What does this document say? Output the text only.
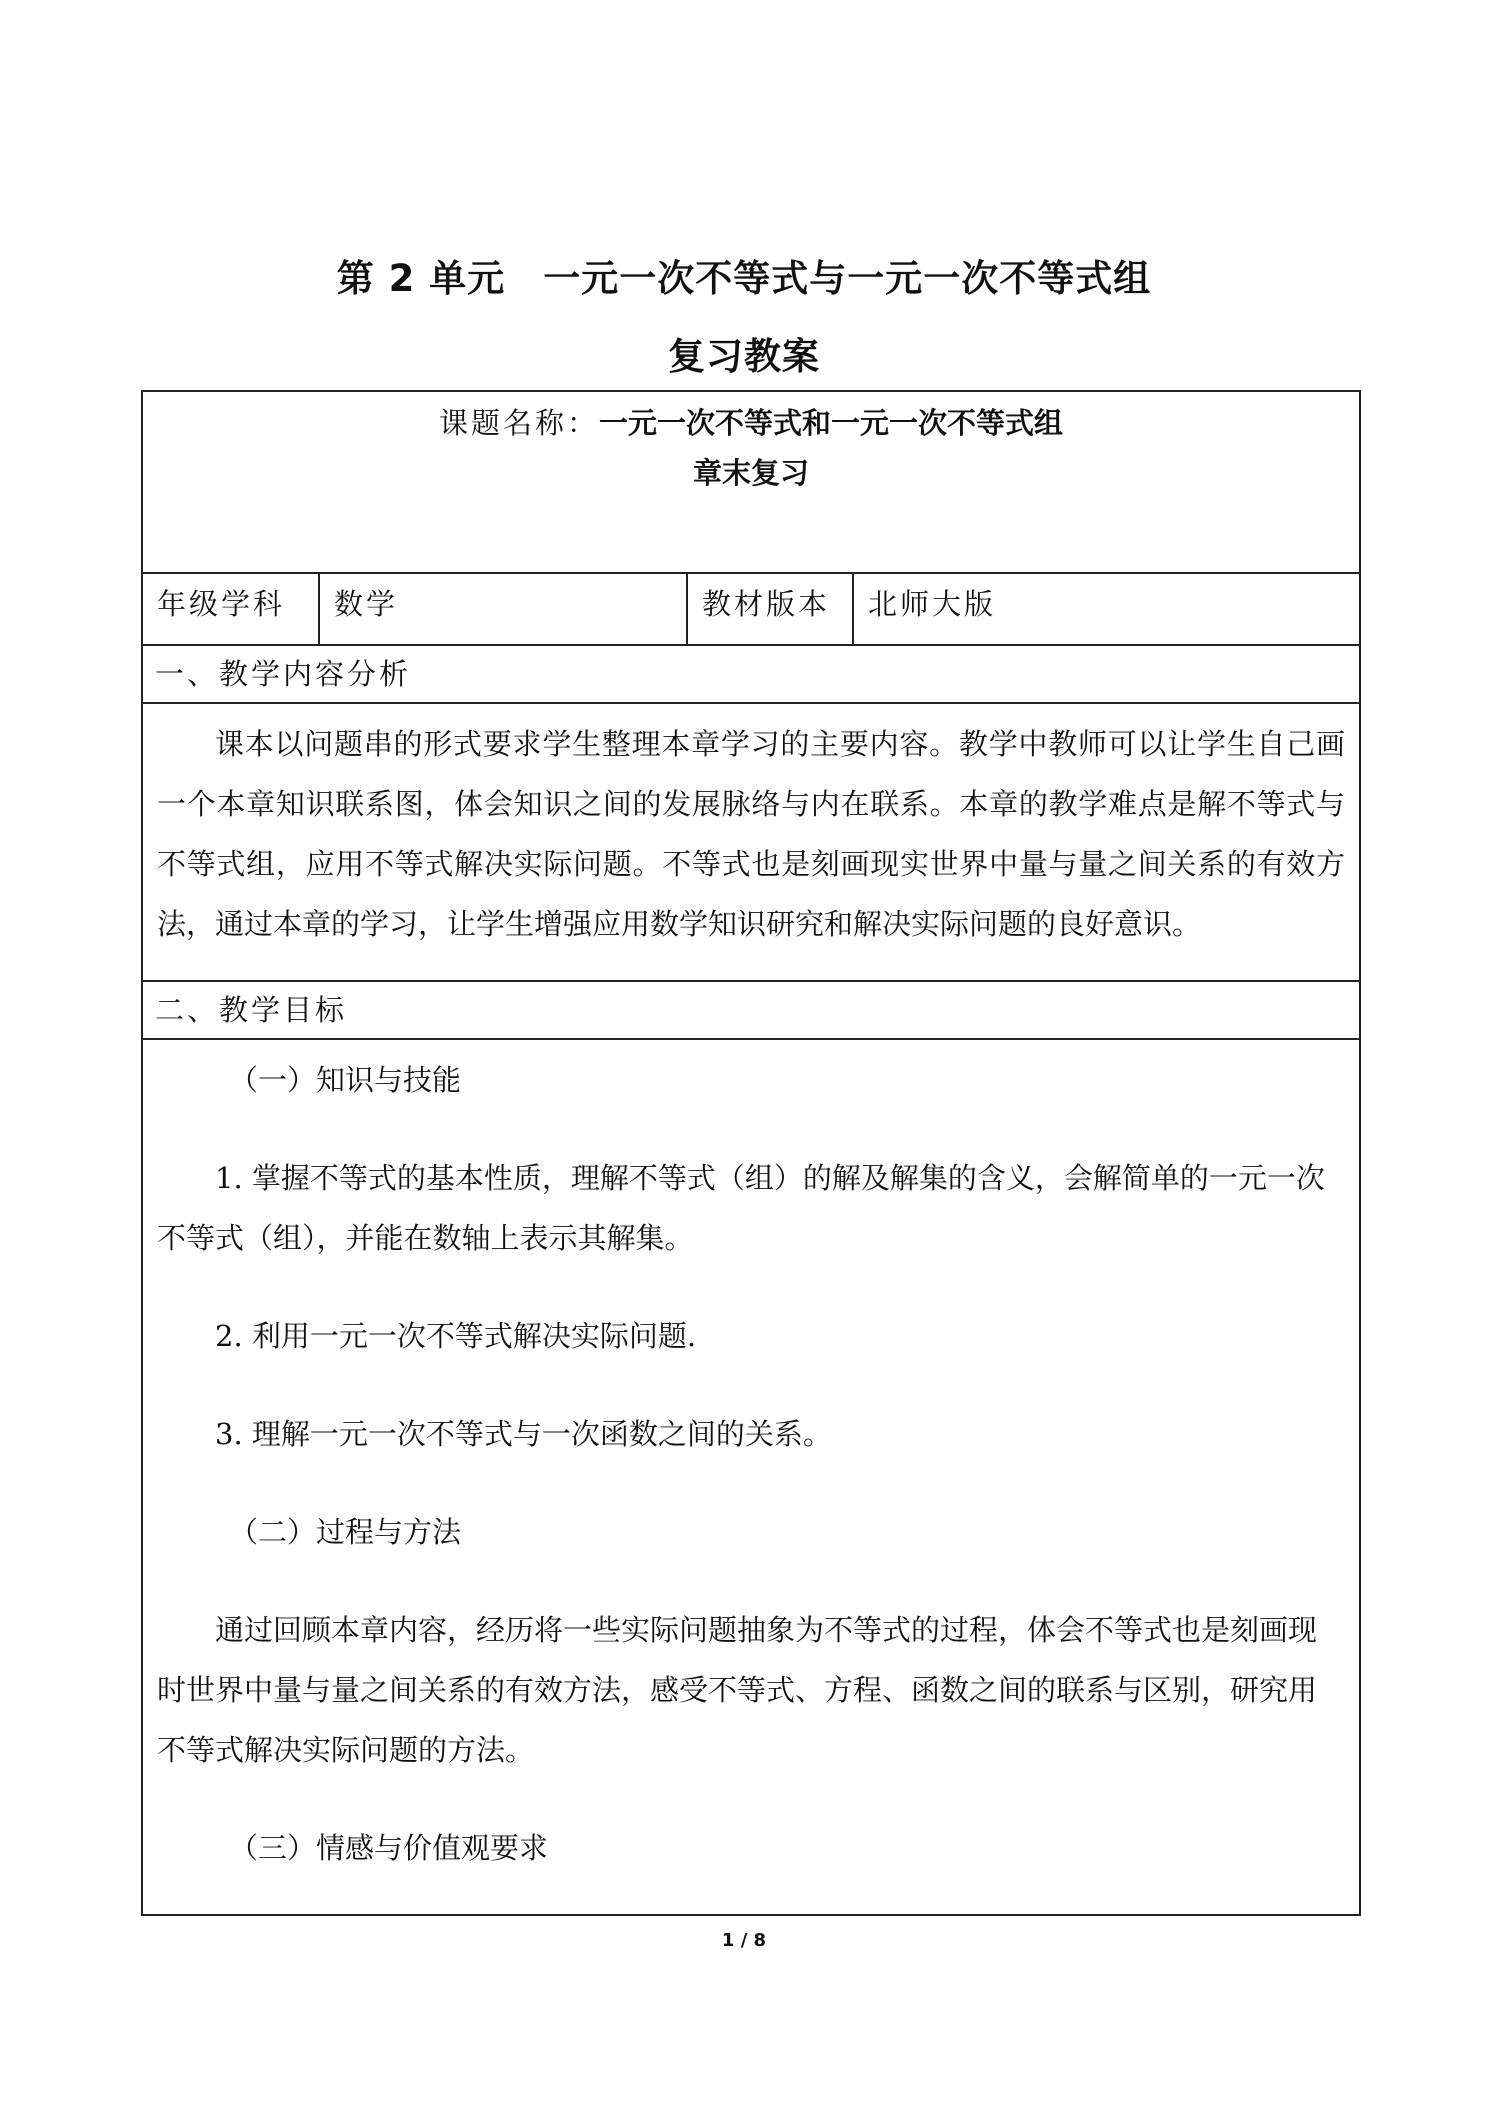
第 2 单元　一元一次不等式与一元一次不等式组
复习教案
课题名称：一元一次不等式和一元一次不等式组
章末复习

年级学科	数学	教材版本	北师大版
一、教学内容分析

课本以问题串的形式要求学生整理本章学习的主要内容。教学中教师可以让学生自己画一个本章知识联系图，体会知识之间的发展脉络与内在联系。本章的教学难点是解不等式与不等式组，应用不等式解决实际问题。不等式也是刻画现实世界中量与量之间关系的有效方法，通过本章的学习，让学生增强应用数学知识研究和解决实际问题的良好意识。

二、教学目标

（一）知识与技能

1. 掌握不等式的基本性质，理解不等式（组）的解及解集的含义，会解简单的一元一次不等式（组），并能在数轴上表示其解集。

2. 利用一元一次不等式解决实际问题.

3. 理解一元一次不等式与一次函数之间的关系。

（二）过程与方法

通过回顾本章内容，经历将一些实际问题抽象为不等式的过程，体会不等式也是刻画现时世界中量与量之间关系的有效方法，感受不等式、方程、函数之间的联系与区别，研究用不等式解决实际问题的方法。

（三）情感与价值观要求

1 / 8
